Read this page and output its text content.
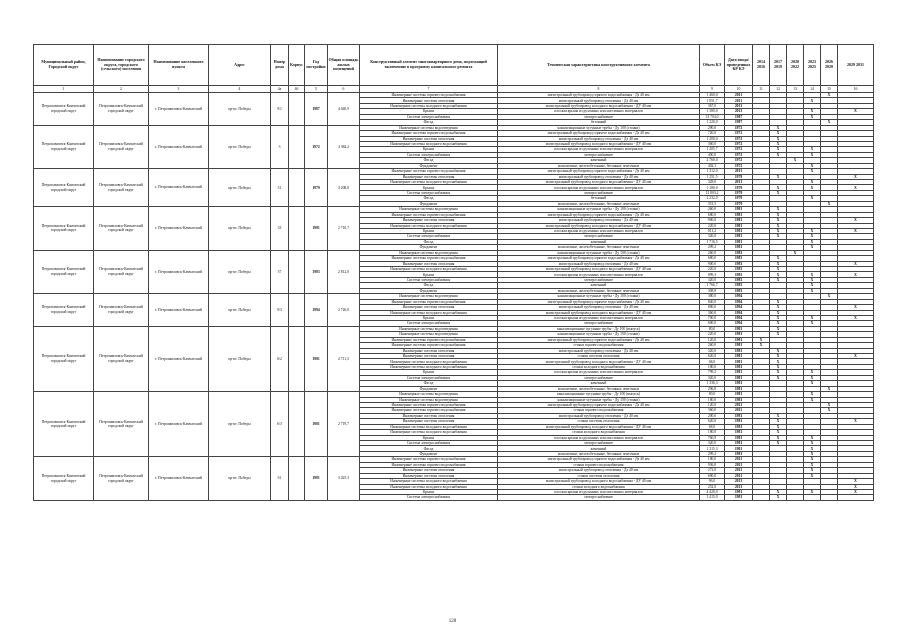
Муниципальный район, Городской округ	Наименование городского округа, городского (сельского) поселения	Наименование населенного пункта	Адрес	Номер дома	Корпус	Год постройки	Общая площадь жилых помещений	Конструктивный элемент многоквартирного дома, подлежащий включению в программу капитального ремонта	Техническая характеристика конструктивного элемента	Объем КЭ	Дата ввода/ проведенных КР КЭ	2014 2016	2017 2019	2020 2022	2023 2025	2026 2028	2029 2031
1	2	3	4	4а	4б	5	6	7	8	9	10	11	12	13	14	15	16
Петропавловск-Камчатский городской округ	Петропавловск-Камчатский городской округ	г. Петропавловск-Камчатский	пр-кт. Победы	9/1		1987	4 640,9	Инженерные системы горячего водоснабжения	магистральный трубопровод горячего водоснабжения - Дз 40 мм	1 460,0	2011					X	
								Инженерные системы отопления	магистральный трубопровод отопления - Дз 40 мм	1 851,7	2011				X		
								Инженерные системы холодного водоснабжения	магистральный трубопровод холодного водоснабжения - ДУ 40 мм	367,0	2013						
								Крыша	плоская крыша из рулонных или мастичных материалов	1 380,0	2013				X		X
								Система электроснабжения	электроснабжение	13 704,0	1987				X		
								Фасад	бетонный	1 220,0	1987					X	
Петропавловск-Камчатский городской округ	Петропавловск-Камчатский городской округ	г. Петропавловск-Камчатский	пр-кт. Победы	3		1972	4 384,2	Инженерные системы водоотведения	канализационные чугунные трубы - Ду 100 (стояки)	290,0	1972		X				
								Инженерные системы горячего водоснабжения	магистральный трубопровод горячего водоснабжения - Дз 40 мм	720,0	1972		X				
								Инженерные системы отопления	магистральный трубопровод отопления - Дз 40 мм	1 200,0	1972		X				
								Инженерные системы холодного водоснабжения	магистральный трубопровод холодного водоснабжения - ДУ 40 мм	360,0	1972		X				
								Крыша	плоская крыша из рулонных или мастичных материалов	1 205,7	1972		X		X		
								Система электроснабжения	электроснабжение	400,0	1972		X		X		
								Фасад	каменный	2 760,0	1972			X			
								Фундамент	монолитные, железобетонные, бетонные ленточные	402,1	1972				X		
Петропавловск-Камчатский городской округ	Петропавловск-Камчатский городской округ	г. Петропавловск-Камчатский	пр-кт. Победы	51		1979	4 208,0	Инженерные системы горячего водоснабжения	магистральный трубопровод горячего водоснабжения - Дз 40 мм	1 312,0	2013				X		
								Инженерные системы отопления	магистральный трубопровод отопления - Дз 40 мм	1 251,5	1979		X				X
								Инженерные системы холодного водоснабжения	магистральный трубопровод холодного водоснабжения - ДУ 40 мм	328,0	2013				X		
								Крыша	плоская крыша из рулонных или мастичных материалов	1 180,0	1979		X		X		X
								Система электроснабжения	электроснабжение	12 803,2	1979		X				
								Фасад	бетонный	2 232,0	1979				X		
								Фундамент	монолитные, железобетонные, бетонные ленточные	351,5	1979					X	
Петропавловск-Камчатский городской округ	Петропавловск-Камчатский городской округ	г. Петропавловск-Камчатский	пр-кт. Победы	33		1981	2 710,7	Инженерные системы водоотведения	канализационные чугунные трубы - Ду 100 (стояки)	260,0	1981		X				
								Инженерные системы горячего водоснабжения	магистральный трубопровод горячего водоснабжения - Дз 40 мм	680,0	1981		X				
								Инженерные системы отопления	магистральный трубопровод отопления - Дз 40 мм	900,0	1981		X				X
								Инженерные системы холодного водоснабжения	магистральный трубопровод холодного водоснабжения - ДУ 40 мм	220,0	1981		X				
								Крыша	плоская крыша из рулонных или мастичных материалов	811,2	1981		X		X		X
								Система электроснабжения	электроснабжение	320,0	1981		X		X		
								Фасад	каменный	1 716,5	1981				X		
								Фундамент	монолитные, железобетонные, бетонные ленточные	299,2	1981				X		
Петропавловск-Камчатский городской округ	Петропавловск-Камчатский городской округ	г. Петропавловск-Камчатский	пр-кт. Победы	37		1983	2 812,0	Инженерные системы водоотведения	канализационные чугунные трубы - Ду 100 (стояки)	260,0	1983			X			
								Инженерные системы горячего водоснабжения	магистральный трубопровод горячего водоснабжения - Дз 40 мм	680,0	1983		X				
								Инженерные системы отопления	магистральный трубопровод отопления - Дз 40 мм	900,0	1983		X				X
								Инженерные системы холодного водоснабжения	магистральный трубопровод холодного водоснабжения - ДУ 40 мм	220,0	1983		X				
								Крыша	плоская крыша из рулонных или мастичных материалов	899,3	1983		X		X		X
								Система электроснабжения	электроснабжение	320,0	1983		X		X		
								Фасад	каменный	1 766,7	1983				X		
								Фундамент	монолитные, железобетонные, бетонные ленточные	308,8	1983				X		
Петропавловск-Камчатский городской округ	Петропавловск-Камчатский городской округ	г. Петропавловск-Камчатский	пр-кт. Победы	9/3		1994	2 726,0	Инженерные системы водоотведения	канализационные чугунные трубы - Ду 100 (стояки)	380,0	1994					X	
								Инженерные системы горячего водоснабжения	магистральный трубопровод горячего водоснабжения - Дз 40 мм	840,0	1994		X				
								Инженерные системы отопления	магистральный трубопровод отопления - Дз 40 мм	800,0	1994		X				X
								Инженерные системы холодного водоснабжения	магистральный трубопровод холодного водоснабжения - ДУ 40 мм	360,0	1994		X				
								Крыша	плоская крыша из рулонных или мастичных материалов	700,0	1994		X		X		X
								Система электроснабжения	электроснабжение	600,0	1994		X		X		
Петропавловск-Камчатский городской округ	Петропавловск-Камчатский городской округ	г. Петропавловск-Камчатский	пр-кт. Победы	6/2		1981	2 711,3	Инженерные системы водоотведения	канализационные чугунные трубы - Ду 100 (выпуск)	80,0	1981		X				
								Инженерные системы водоотведения	канализационные чугунные трубы - Ду 100 (стояки)	220,0	1981		X				
								Инженерные системы горячего водоснабжения	магистральный трубопровод горячего водоснабжения - Дз 40 мм	120,0	1981	X					
								Инженерные системы горячего водоснабжения	стояки горячего водоснабжения	260,0	1981	X					
								Инженерные системы отопления	магистральный трубопровод отопления - Дз 40 мм	320,0	1981		X				
								Инженерные системы отопления	стояки системы отопления	620,0	1981		X				X
								Инженерные системы холодного водоснабжения	магистральный трубопровод холодного водоснабжения - ДУ 40 мм	68,0	1981		X				
								Инженерные системы холодного водоснабжения	стояки холодного водоснабжения	180,0	1981		X				
								Крыша	плоская крыша из рулонных или мастичных материалов	799,2	1981		X		X		
								Система электроснабжения	электроснабжение	320,0	1981		X		X		
								Фасад	каменный	1 336,3	1981				X		
								Фундамент	монолитные, железобетонные, бетонные ленточные	296,8	1981					X	
Петропавловск-Камчатский городской округ	Петропавловск-Камчатский городской округ	г. Петропавловск-Камчатский	пр-кт. Победы	6/3		1981	2 719,7	Инженерные системы водоотведения	канализационные чугунные трубы - Ду 100 (выпуск)	80,0	1981				X		
								Инженерные системы водоотведения	канализационные чугунные трубы - Ду 100 (стояки)	180,0	1981				X		
								Инженерные системы горячего водоснабжения	магистральный трубопровод горячего водоснабжения - Дз 40 мм	120,0	2011					X	
								Инженерные системы горячего водоснабжения	стояки горячего водоснабжения	360,0	2011					X	
								Инженерные системы отопления	магистральный трубопровод отопления - Дз 40 мм	200,0	1981		X				
								Инженерные системы отопления	стояки системы отопления	620,0	1981		X				X
								Инженерные системы холодного водоснабжения	магистральный трубопровод холодного водоснабжения - ДУ 40 мм	68,0	1981		X				
								Инженерные системы холодного водоснабжения	стояки холодного водоснабжения	180,0	1981		X				
								Крыша	плоская крыша из рулонных или мастичных материалов	760,9	1981		X		X		
								Система электроснабжения	электроснабжение	320,0	1981		X		X		
								Фасад	каменный	1 315,3	1981				X		
								Фундамент	монолитные, железобетонные, бетонные ленточные	299,2	1981				X		
Петропавловск-Камчатский городской округ	Петропавловск-Камчатский городской округ	г. Петропавловск-Камчатский	пр-кт. Победы	61		1981	3 025,3	Инженерные системы горячего водоснабжения	магистральный трубопровод горячего водоснабжения - Дз 40 мм	180,0	2011				X		
								Инженерные системы горячего водоснабжения	стояки горячего водоснабжения	936,0	2011				X		
								Инженерные системы отопления	магистральный трубопровод отопления - Дз 40 мм	272,0	2011				X		
								Инженерные системы отопления	стояки системы отопления	690,0	2011				X		
								Инженерные системы холодного водоснабжения	магистральный трубопровод холодного водоснабжения - ДУ 40 мм	96,0	2013						X
								Инженерные системы холодного водоснабжения	стояки холодного водоснабжения	252,0	2013						X
								Крыша	плоская крыша из рулонных или мастичных материалов	4 420,0	1981		X		X		X
								Система электроснабжения	электроснабжение	1 415,0	1981		X				
120
